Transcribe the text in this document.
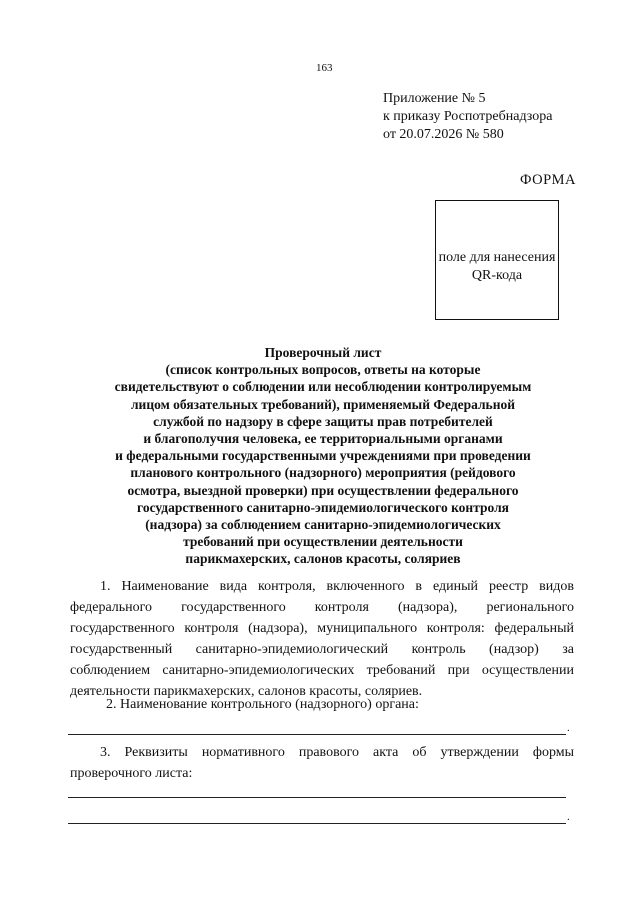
163
Приложение № 5
к приказу Роспотребнадзора
от 20.07.2026 № 580
ФОРМА
поле для нанесения
QR-кода
Проверочный лист
(список контрольных вопросов, ответы на которые
свидетельствуют о соблюдении или несоблюдении контролируемым
лицом обязательных требований), применяемый Федеральной
службой по надзору в сфере защиты прав потребителей
и благополучия человека, ее территориальными органами
и федеральными государственными учреждениями при проведении
планового контрольного (надзорного) мероприятия (рейдового
осмотра, выездной проверки) при осуществлении федерального
государственного санитарно-эпидемиологического контроля
(надзора) за соблюдением санитарно-эпидемиологических
требований при осуществлении деятельности
парикмахерских, салонов красоты, соляриев
1. Наименование вида контроля, включенного в единый реестр видов федерального государственного контроля (надзора), регионального государственного контроля (надзора), муниципального контроля: федеральный государственный санитарно-эпидемиологический контроль (надзор) за соблюдением санитарно-эпидемиологических требований при осуществлении деятельности парикмахерских, салонов красоты, соляриев.
2. Наименование контрольного (надзорного) органа:
.
3. Реквизиты нормативного правового акта об утверждении формы проверочного листа:
.
